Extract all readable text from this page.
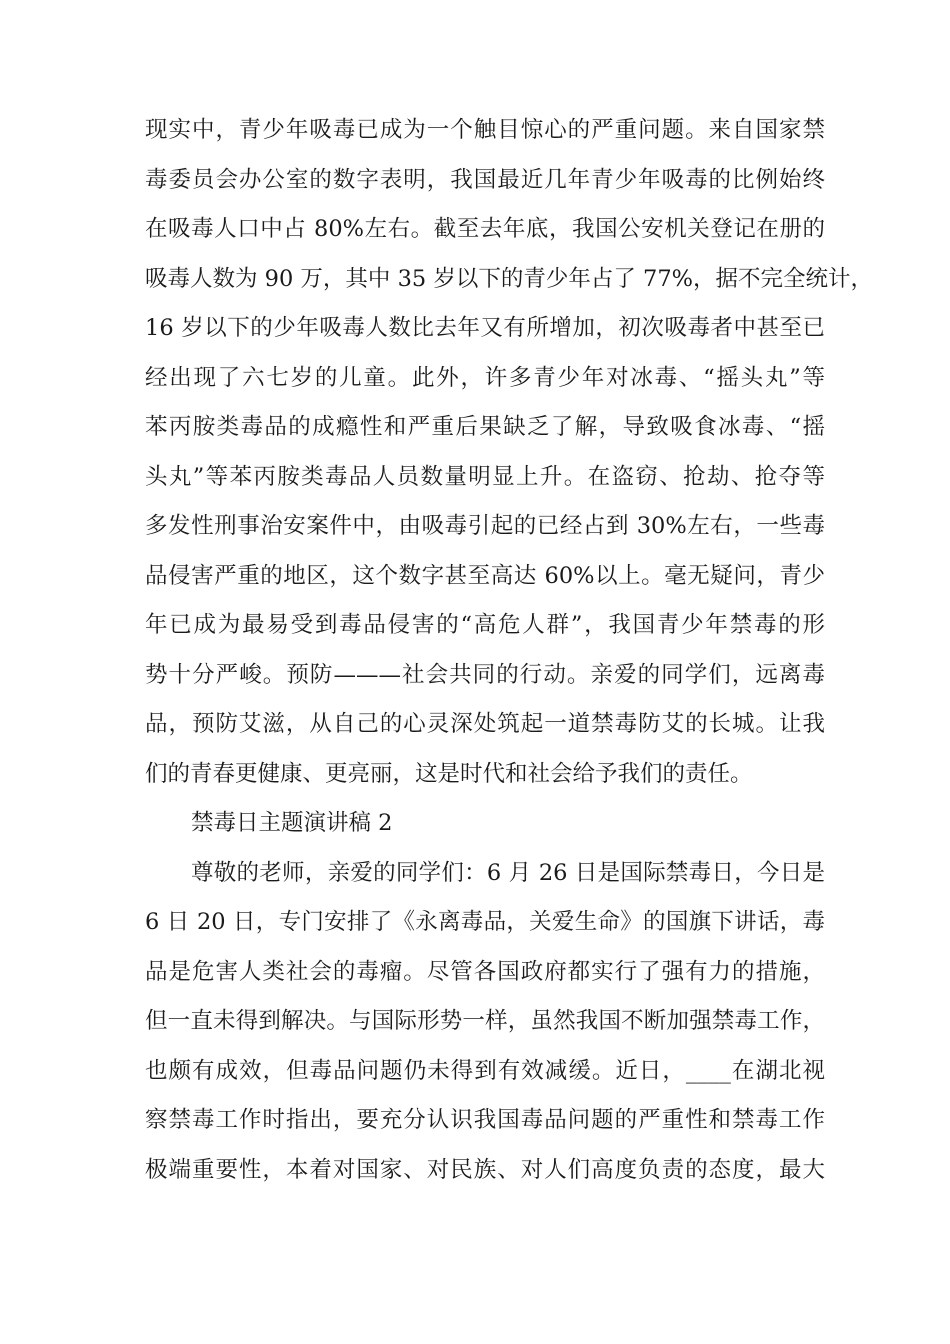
现实中，青少年吸毒已成为一个触目惊心的严重问题。来自国家禁
毒委员会办公室的数字表明，我国最近几年青少年吸毒的比例始终
在吸毒人口中占 80%左右。截至去年底，我国公安机关登记在册的
吸毒人数为 90 万，其中 35 岁以下的青少年占了 77%，据不完全统计，
16 岁以下的少年吸毒人数比去年又有所增加，初次吸毒者中甚至已
经出现了六七岁的儿童。此外，许多青少年对冰毒、“摇头丸”等
苯丙胺类毒品的成瘾性和严重后果缺乏了解，导致吸食冰毒、“摇
头丸”等苯丙胺类毒品人员数量明显上升。在盗窃、抢劫、抢夺等
多发性刑事治安案件中，由吸毒引起的已经占到 30%左右，一些毒
品侵害严重的地区，这个数字甚至高达 60%以上。毫无疑问，青少
年已成为最易受到毒品侵害的“高危人群”，我国青少年禁毒的形
势十分严峻。预防———社会共同的行动。亲爱的同学们，远离毒
品，预防艾滋，从自己的心灵深处筑起一道禁毒防艾的长城。让我
们的青春更健康、更亮丽，这是时代和社会给予我们的责任。
禁毒日主题演讲稿 2
尊敬的老师，亲爱的同学们：6 月 26 日是国际禁毒日，今日是
6 日 20 日，专门安排了《永离毒品，关爱生命》的国旗下讲话，毒
品是危害人类社会的毒瘤。尽管各国政府都实行了强有力的措施，
但一直未得到解决。与国际形势一样，虽然我国不断加强禁毒工作，
也颇有成效，但毒品问题仍未得到有效减缓。近日，____在湖北视
察禁毒工作时指出，要充分认识我国毒品问题的严重性和禁毒工作
极端重要性，本着对国家、对民族、对人们高度负责的态度，最大
